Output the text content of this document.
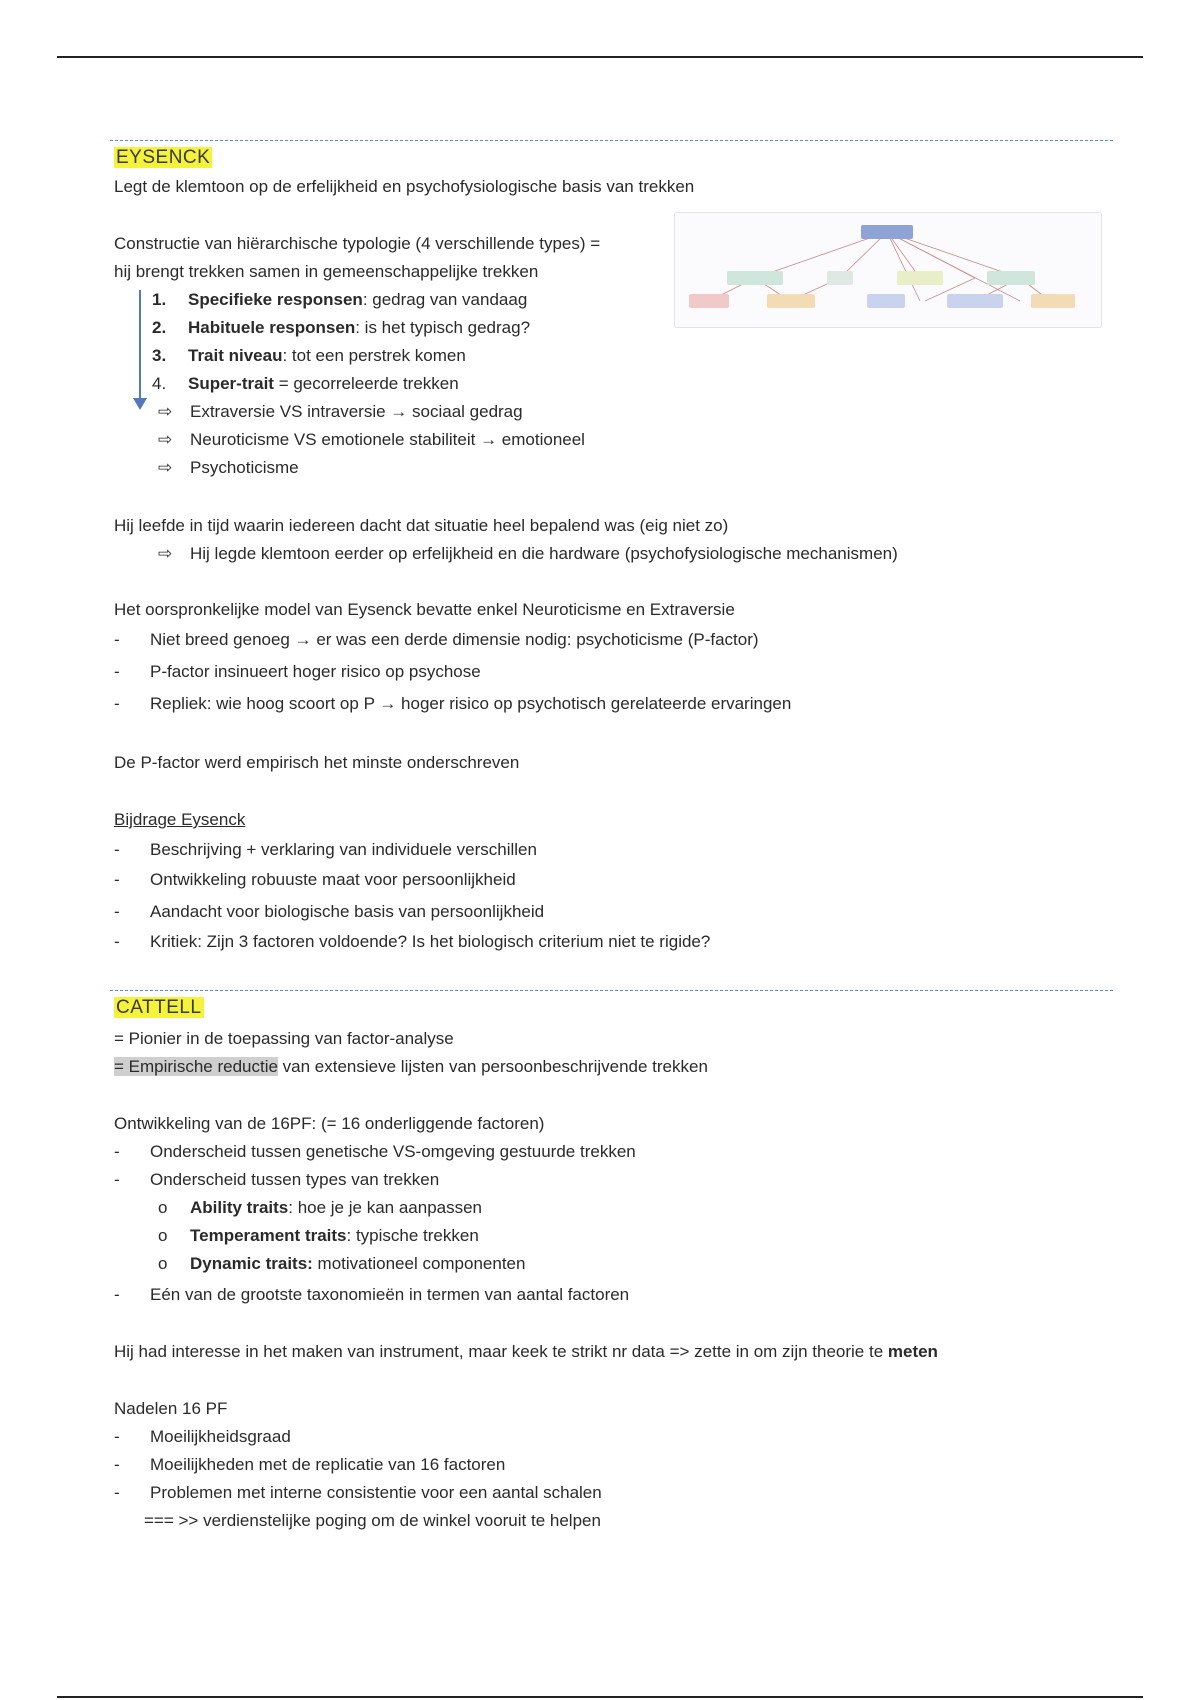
EYSENCK
Legt de klemtoon op de erfelijkheid en psychofysiologische basis van trekken
Constructie van hiërarchische typologie (4 verschillende types) =
hij brengt trekken samen in gemeenschappelijke trekken
1. Specifieke responsen: gedrag van vandaag
2. Habituele responsen: is het typisch gedrag?
3. Trait niveau: tot een perstrek komen
4. Super-trait = gecorreleerde trekken
⇨ Extraversie VS intraversie → sociaal gedrag
⇨ Neuroticisme VS emotionele stabiliteit → emotioneel
⇨ Psychoticisme
Hij leefde in tijd waarin iedereen dacht dat situatie heel bepalend was (eig niet zo)
⇨ Hij legde klemtoon eerder op erfelijkheid en die hardware (psychofysiologische mechanismen)
Het oorspronkelijke model van Eysenck bevatte enkel Neuroticisme en Extraversie
- Niet breed genoeg → er was een derde dimensie nodig: psychoticisme (P-factor)
- P-factor insinueert hoger risico op psychose
- Repliek: wie hoog scoort op P → hoger risico op psychotisch gerelateerde ervaringen
De P-factor werd empirisch het minste onderschreven
Bijdrage Eysenck
- Beschrijving + verklaring van individuele verschillen
- Ontwikkeling robuuste maat voor persoonlijkheid
- Aandacht voor biologische basis van persoonlijkheid
- Kritiek: Zijn 3 factoren voldoende? Is het biologisch criterium niet te rigide?
CATTELL
= Pionier in de toepassing van factor-analyse
= Empirische reductie van extensieve lijsten van persoonbeschrijvende trekken
Ontwikkeling van de 16PF: (= 16 onderliggende factoren)
- Onderscheid tussen genetische VS-omgeving gestuurde trekken
- Onderscheid tussen types van trekken
o Ability traits: hoe je je kan aanpassen
o Temperament traits: typische trekken
o Dynamic traits: motivationeel componenten
- Eén van de grootste taxonomieën in termen van aantal factoren
Hij had interesse in het maken van instrument, maar keek te strikt nr data => zette in om zijn theorie te meten
Nadelen 16 PF
- Moeilijkheidsgraad
- Moeilijkheden met de replicatie van 16 factoren
- Problemen met interne consistentie voor een aantal schalen
=== >> verdienstelijke poging om de winkel vooruit te helpen
